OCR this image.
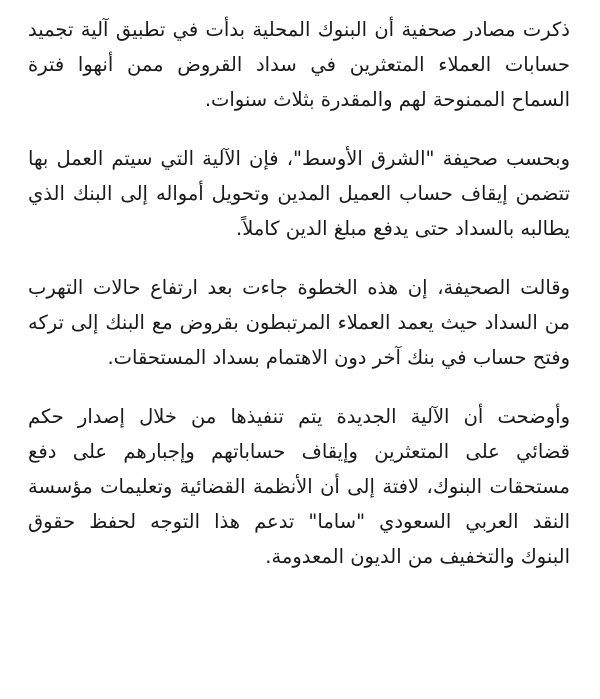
ذكرت مصادر صحفية أن البنوك المحلية بدأت في تطبيق آلية تجميد
حسابات العملاء المتعثرين في سداد القروض ممن أنهوا فترة
السماح الممنوحة لهم والمقدرة بثلاث سنوات.

وبحسب صحيفة "الشرق الأوسط"، فإن الآلية التي سيتم العمل بها
تتضمن إيقاف حساب العميل المدين وتحويل أمواله إلى البنك الذي
يطالبه بالسداد حتى يدفع مبلغ الدين كاملاً.

وقالت الصحيفة، إن هذه الخطوة جاءت بعد ارتفاع حالات التهرب
من السداد حيث يعمد العملاء المرتبطون بقروض مع البنك إلى تركه
وفتح حساب في بنك آخر دون الاهتمام بسداد المستحقات.

وأوضحت أن الآلية الجديدة يتم تنفيذها من خلال إصدار حكم
قضائي على المتعثرين وإيقاف حساباتهم وإجبارهم على دفع
مستحقات البنوك، لافتة إلى أن الأنظمة القضائية وتعليمات مؤسسة
النقد العربي السعودي "ساما" تدعم هذا التوجه لحفظ حقوق
البنوك والتخفيف من الديون المعدومة.
